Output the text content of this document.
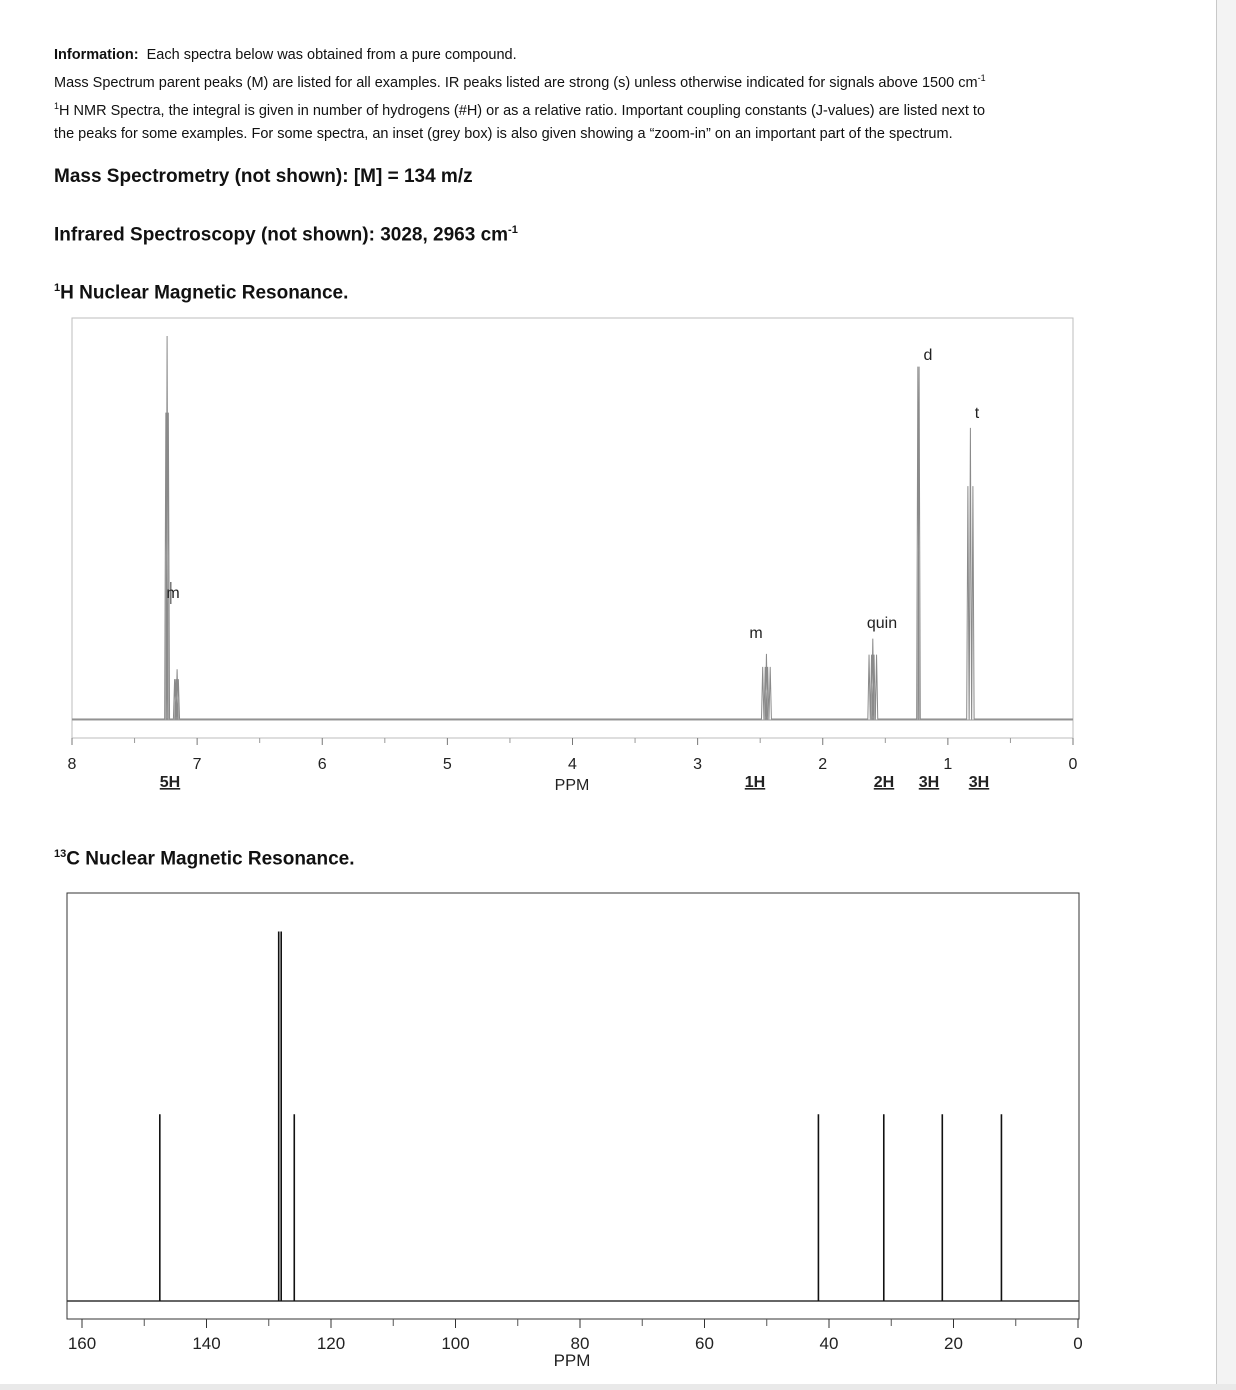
Information: Each spectra below was obtained from a pure compound.

Mass Spectrum parent peaks (M) are listed for all examples. IR peaks listed are strong (s) unless otherwise indicated for signals above 1500 $cm^{-1}$

$^1$H NMR Spectra, the integral is given in number of hydrogens (#H) or as a relative ratio. Important coupling constants (J-values) are listed next to

the peaks for some examples. For some spectra, an inset (grey box) is also given showing a “zoom-in” on an important part of the spectrum.

Mass Spectrometry (not shown): [M] = 134 m/z
Infrared Spectroscopy (not shown): 3028, 2963 $cm^{-1}$
$^1$H Nuclear Magnetic Resonance.
$^{13}$C Nuclear Magnetic Resonance.
8	7	6	5	4	3	2	1	0
m
m
quin
d
t
5H	1H	2H 3H 3H
PPM
160	140	120	100	80	60	40	20	0
PPM
